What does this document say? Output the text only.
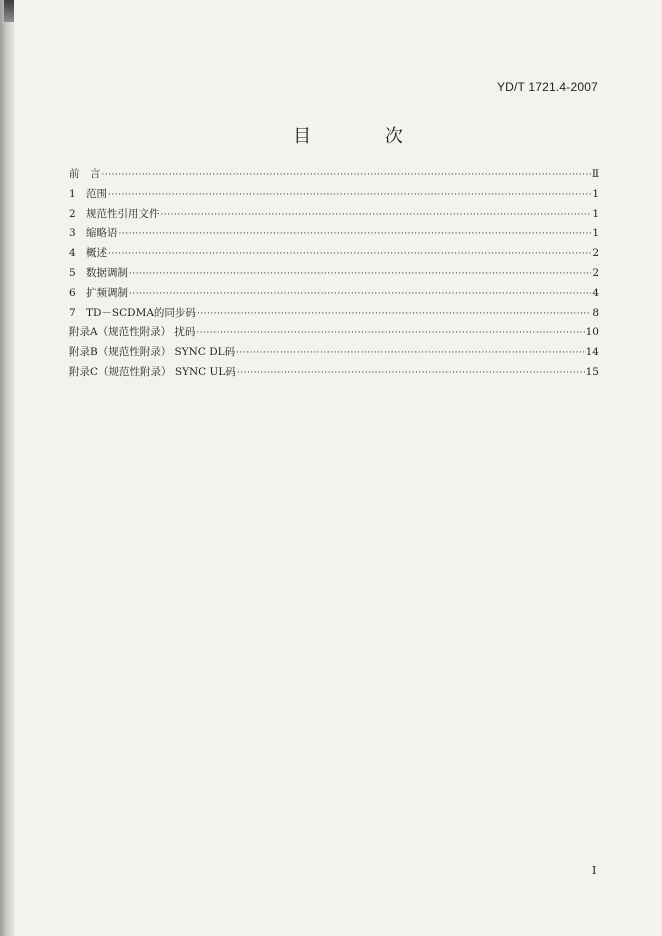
YD/T 1721.4-2007
目 次
前　言 ·····	Ⅱ
1 范围 ·····	1
2 规范性引用文件 ·····	1
3 缩略语 ·····	1
4 概述 ·····	2
5 数据调制 ·····	2
6 扩频调制 ·····	4
7 TD－SCDMA的同步码 ·····	8
附录A（规范性附录） 扰码 ·····	10
附录B（规范性附录） SYNC DL码 ·····	14
附录C（规范性附录） SYNC UL码 ·····	15
I
